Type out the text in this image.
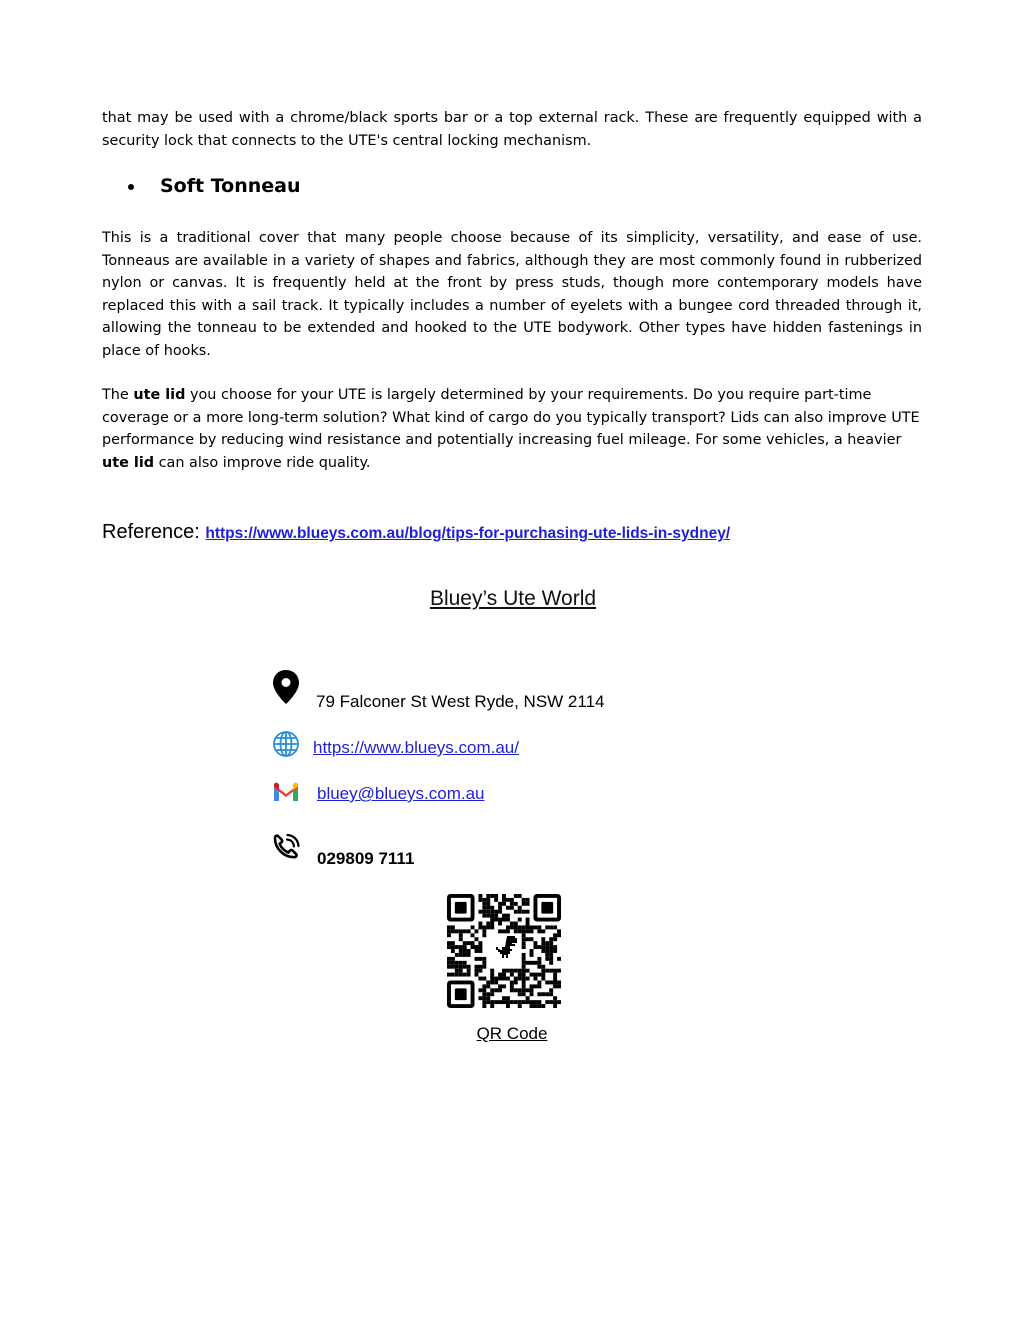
that may be used with a chrome/black sports bar or a top external rack. These are frequently equipped with a security lock that connects to the UTE's central locking mechanism.

Soft Tonneau

This is a traditional cover that many people choose because of its simplicity, versatility, and ease of use. Tonneaus are available in a variety of shapes and fabrics, although they are most commonly found in rubberized nylon or canvas. It is frequently held at the front by press studs, though more contemporary models have replaced this with a sail track. It typically includes a number of eyelets with a bungee cord threaded through it, allowing the tonneau to be extended and hooked to the UTE bodywork. Other types have hidden fastenings in place of hooks.

The ute lid you choose for your UTE is largely determined by your requirements. Do you require part-time coverage or a more long-term solution? What kind of cargo do you typically transport? Lids can also improve UTE performance by reducing wind resistance and potentially increasing fuel mileage. For some vehicles, a heavier ute lid can also improve ride quality.

Reference: https://www.blueys.com.au/blog/tips-for-purchasing-ute-lids-in-sydney/
Bluey’s Ute World
79 Falconer St West Ryde, NSW 2114
https://www.blueys.com.au/
bluey@blueys.com.au
029809 7111
QR Code
